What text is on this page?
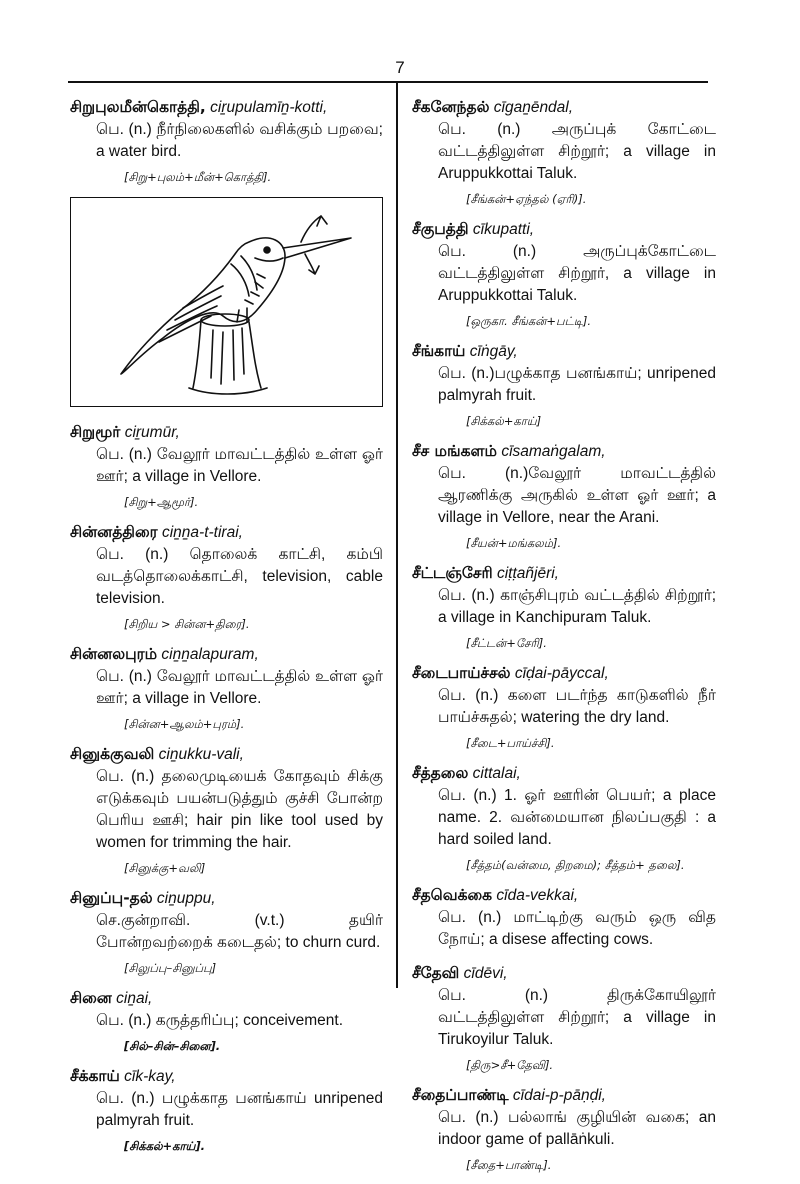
7
சிறுபுலமீன்கொத்தி, ciṟupulamīṉ-kotti,
பெ. (n.) நீர்நிலைகளில் வசிக்கும் பறவை; a water bird.
[சிறு+புலம்+மீன்+கொத்தி].
சிறுமூர் ciṟumūr,
பெ. (n.) வேலூர் மாவட்டத்தில் உள்ள ஓர் ஊர்; a village in Vellore.
[சிறு+ஆமூர்].
சின்னத்திரை ciṉṉa-t-tirai,
பெ. (n.) தொலைக் காட்சி, கம்பி வடத்தொலைக்காட்சி, television, cable television.
[சிறிய > சின்ன+திரை].
சின்னலபுரம் ciṉṉalapuram,
பெ. (n.) வேலூர் மாவட்டத்தில் உள்ள ஓர் ஊர்; a village in Vellore.
[சின்ன+ஆலம்+புரம்].
சினுக்குவலி ciṉukku-vali,
பெ. (n.) தலைமுடியைக் கோதவும் சிக்கு எடுக்கவும் பயன்படுத்தும் குச்சி போன்ற பெரிய ஊசி; hair pin like tool used by women for trimming the hair.
[சினுக்கு+வலி]
சினுப்பு-தல் ciṉuppu,
செ.குன்றாவி. (v.t.) தயிர் போன்றவற்றைக் கடைதல்; to churn curd.
[சிலுப்பு–சினுப்பு]
சினை ciṉai,
பெ. (n.) கருத்தரிப்பு; conceivement.
[சில்–சின்–சினை].
சீக்காய் cīk-kay,
பெ. (n.) பழுக்காத பனங்காய் unripened palmyrah fruit.
[சிக்கல்+காய்].
சீகனேந்தல் cīgaṉēndal,
பெ. (n.) அருப்புக் கோட்டை வட்டத்திலுள்ள சிற்றூர்; a village in Aruppukkottai Taluk.
[சீங்கன்+ஏந்தல் (ஏரி)].
சீகுபத்தி cīkupatti,
பெ. (n.) அருப்புக்கோட்டை வட்டத்திலுள்ள சிற்றூர், a village in Aruppukkottai Taluk.
[ஒருகா. சீங்கன்+பட்டி].
சீங்காய் cīṅgāy,
பெ. (n.)பழுக்காத பனங்காய்; unripened palmyrah fruit.
[சிக்கல்+காய்]
சீச மங்களம் cīsamaṅgalam,
பெ. (n.)வேலூர் மாவட்டத்தில் ஆரணிக்கு அருகில் உள்ள ஓர் ஊர்; a village in Vellore, near the Arani.
[சீயன்+மங்கலம்].
சீட்டஞ்சேரி ciṭṭañjēri,
பெ. (n.) காஞ்சிபுரம் வட்டத்தில் சிற்றூர்; a village in Kanchipuram Taluk.
[சீட்டன்+சேரி].
சீடைபாய்ச்சல் cīḍai-pāyccal,
பெ. (n.) களை படர்ந்த காடுகளில் நீர் பாய்ச்சுதல்; watering the dry land.
[சீடை+பாய்ச்சி].
சீத்தலை cittalai,
பெ. (n.) 1. ஓர் ஊரின் பெயர்; a place name. 2. வன்மையான நிலப்பகுதி : a hard soiled land.
[சீத்தம்(வன்மை, திறமை); சீத்தம்+ தலை].
சீதவெக்கை cīda-vekkai,
பெ. (n.) மாட்டிற்கு வரும் ஒரு வித நோய்; a disese affecting cows.
சீதேவி cīdēvi,
பெ. (n.) திருக்கோயிலூர் வட்டத்திலுள்ள சிற்றூர்; a village in Tirukoyilur Taluk.
[திரு>சீ+தேவி].
சீதைப்பாண்டி cīdai-p-pāṇḍi,
பெ. (n.) பல்லாங் குழியின் வகை; an indoor game of pallāṅkuli.
[சீதை+பாண்டி].
